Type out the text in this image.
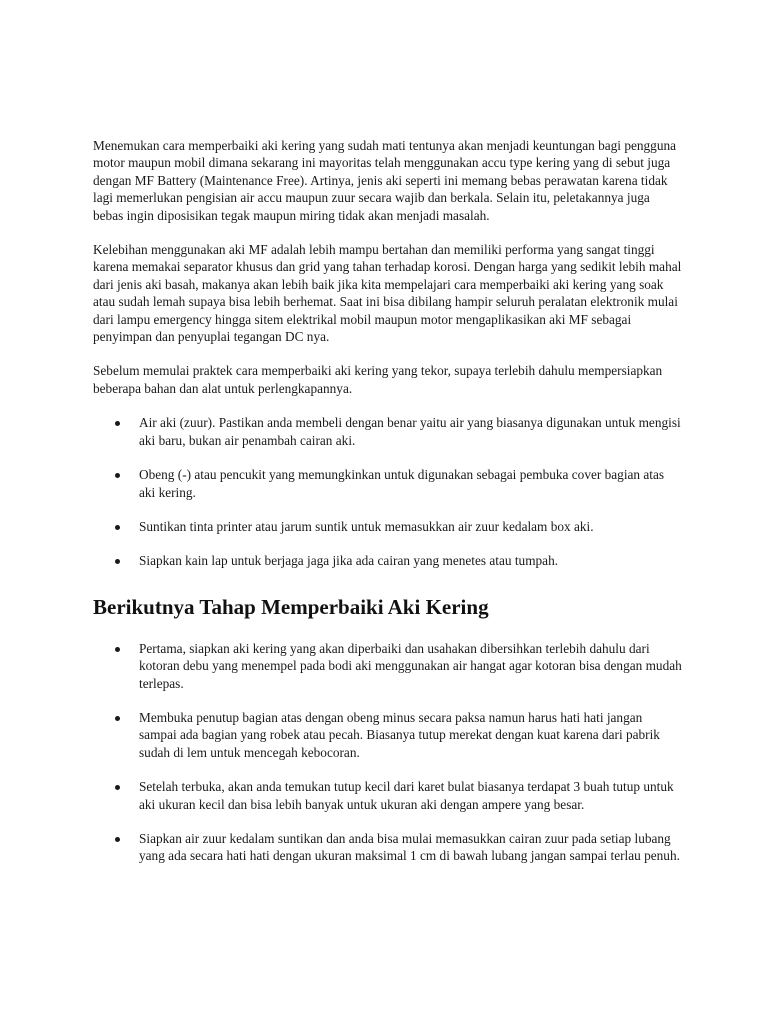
Menemukan cara memperbaiki aki kering yang sudah mati tentunya akan menjadi keuntungan bagi pengguna motor maupun mobil dimana sekarang ini mayoritas telah menggunakan accu type kering yang di sebut juga dengan MF Battery (Maintenance Free). Artinya, jenis aki seperti ini memang bebas perawatan karena tidak lagi memerlukan pengisian air accu maupun zuur secara wajib dan berkala. Selain itu, peletakannya juga bebas ingin diposisikan tegak maupun miring tidak akan menjadi masalah.

Kelebihan menggunakan aki MF adalah lebih mampu bertahan dan memiliki performa yang sangat tinggi karena memakai separator khusus dan grid yang tahan terhadap korosi. Dengan harga yang sedikit lebih mahal dari jenis aki basah, makanya akan lebih baik jika kita mempelajari cara memperbaiki aki kering yang soak atau sudah lemah supaya bisa lebih berhemat. Saat ini bisa dibilang hampir seluruh peralatan elektronik mulai dari lampu emergency hingga sitem elektrikal mobil maupun motor mengaplikasikan aki MF sebagai penyimpan dan penyuplai tegangan DC nya.

Sebelum memulai praktek cara memperbaiki aki kering yang tekor, supaya terlebih dahulu mempersiapkan beberapa bahan dan alat untuk perlengkapannya.

Air aki (zuur). Pastikan anda membeli dengan benar yaitu air yang biasanya digunakan untuk mengisi aki baru, bukan air penambah cairan aki.
Obeng (-) atau pencukit yang memungkinkan untuk digunakan sebagai pembuka cover bagian atas aki kering.
Suntikan tinta printer atau jarum suntik untuk memasukkan air zuur kedalam box aki.
Siapkan kain lap untuk berjaga jaga jika ada cairan yang menetes atau tumpah.
Berikutnya Tahap Memperbaiki Aki Kering
Pertama, siapkan aki kering yang akan diperbaiki dan usahakan dibersihkan terlebih dahulu dari kotoran debu yang menempel pada bodi aki menggunakan air hangat agar kotoran bisa dengan mudah terlepas.
Membuka penutup bagian atas dengan obeng minus secara paksa namun harus hati hati jangan sampai ada bagian yang robek atau pecah. Biasanya tutup merekat dengan kuat karena dari pabrik sudah di lem untuk mencegah kebocoran.
Setelah terbuka, akan anda temukan tutup kecil dari karet bulat biasanya terdapat 3 buah tutup untuk aki ukuran kecil dan bisa lebih banyak untuk ukuran aki dengan ampere yang besar.
Siapkan air zuur kedalam suntikan dan anda bisa mulai memasukkan cairan zuur pada setiap lubang yang ada secara hati hati dengan ukuran maksimal 1 cm di bawah lubang jangan sampai terlau penuh.
